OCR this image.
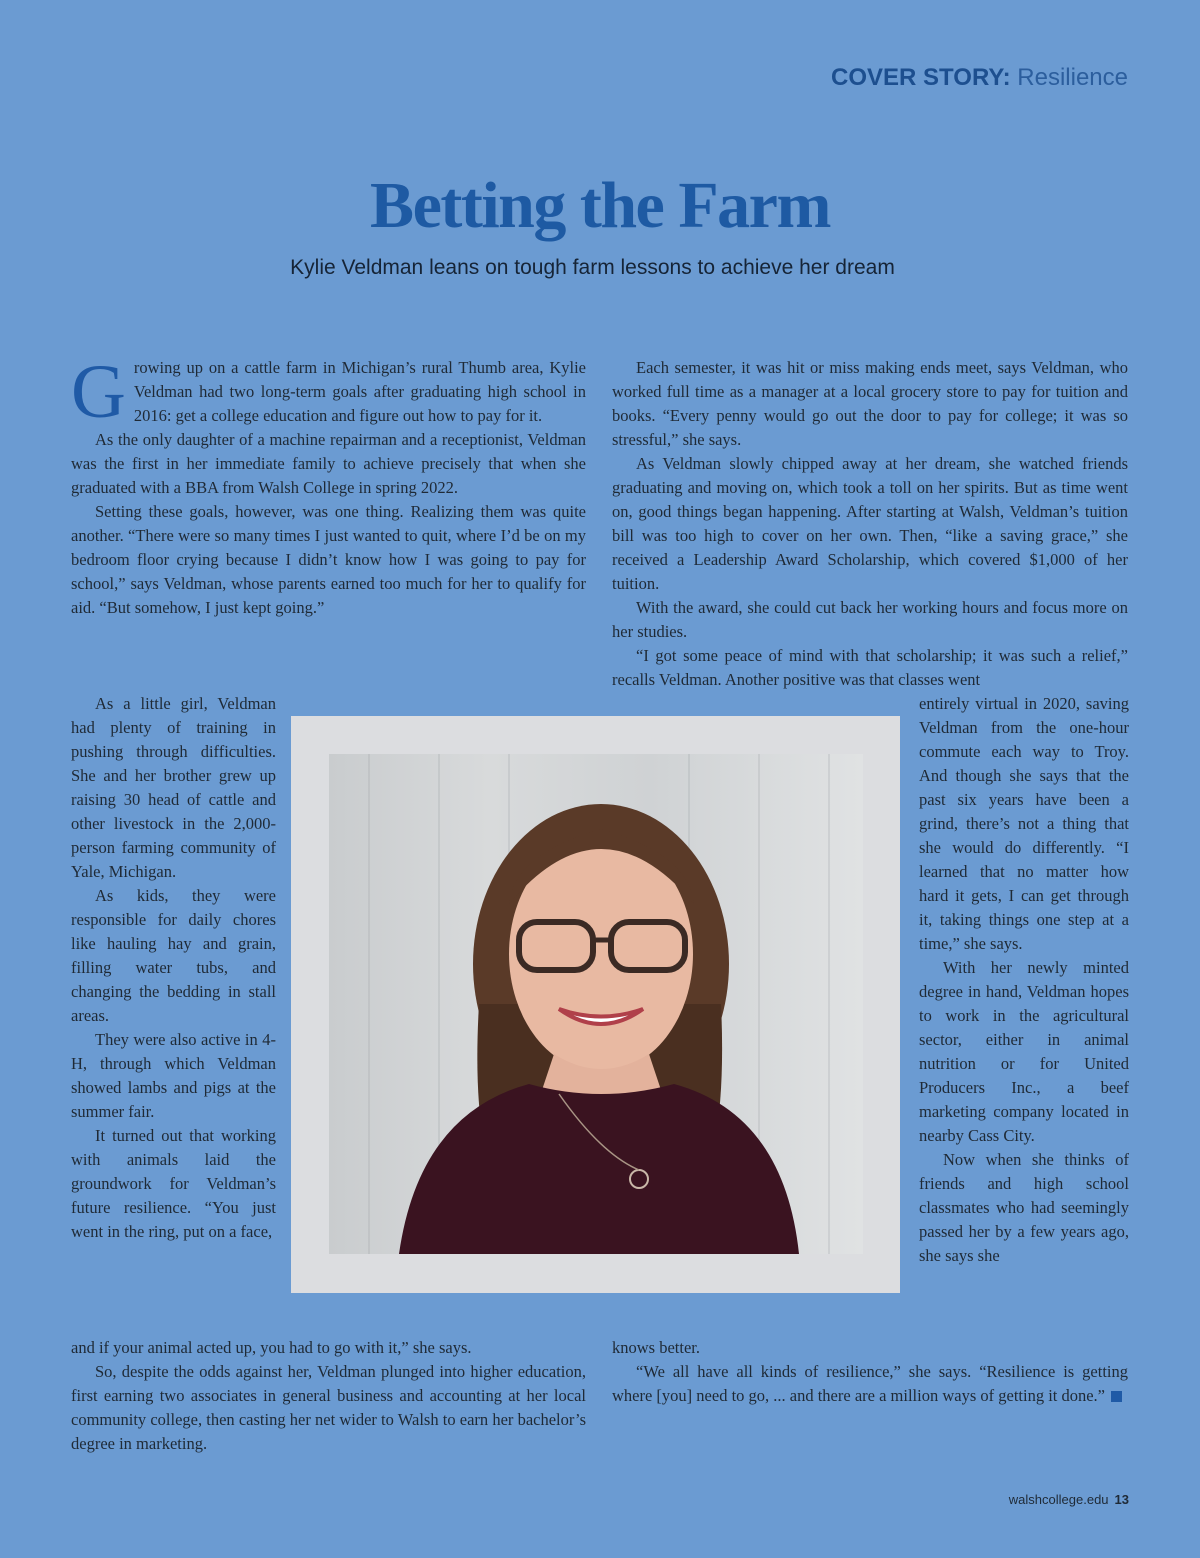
COVER STORY: Resilience
Betting the Farm
Kylie Veldman leans on tough farm lessons to achieve her dream

Growing up on a cattle farm in Michigan’s rural Thumb area, Kylie Veldman had two long-term goals after graduating high school in 2016: get a college education and figure out how to pay for it.

As the only daughter of a machine repairman and a receptionist, Veldman was the first in her immediate family to achieve precisely that when she graduated with a BBA from Walsh College in spring 2022.

Setting these goals, however, was one thing. Realizing them was quite another. “There were so many times I just wanted to quit, where I’d be on my bedroom floor crying because I didn’t know how I was going to pay for school,” says Veldman, whose parents earned too much for her to qualify for aid. “But somehow, I just kept going.”

As a little girl, Veldman had plenty of training in pushing through difficulties. She and her brother grew up raising 30 head of cattle and other livestock in the 2,000-person farming community of Yale, Michigan.

As kids, they were responsible for daily chores like hauling hay and grain, filling water tubs, and changing the bedding in stall areas.

They were also active in 4-H, through which Veldman showed lambs and pigs at the summer fair.

It turned out that working with animals laid the groundwork for Veldman’s future resilience. “You just went in the ring, put on a face,

and if your animal acted up, you had to go with it,” she says.

So, despite the odds against her, Veldman plunged into higher education, first earning two associates in general business and accounting at her local community college, then casting her net wider to Walsh to earn her bachelor’s degree in marketing.

Each semester, it was hit or miss making ends meet, says Veldman, who worked full time as a manager at a local grocery store to pay for tuition and books. “Every penny would go out the door to pay for college; it was so stressful,” she says.

As Veldman slowly chipped away at her dream, she watched friends graduating and moving on, which took a toll on her spirits. But as time went on, good things began happening. After starting at Walsh, Veldman’s tuition bill was too high to cover on her own. Then, “like a saving grace,” she received a Leadership Award Scholarship, which covered $1,000 of her tuition.

With the award, she could cut back her working hours and focus more on her studies.

“I got some peace of mind with that scholarship; it was such a relief,” recalls Veldman. Another positive was that classes went

entirely virtual in 2020, saving Veldman from the one-hour commute each way to Troy. And though she says that the past six years have been a grind, there’s not a thing that she would do differently. “I learned that no matter how hard it gets, I can get through it, taking things one step at a time,” she says.

With her newly minted degree in hand, Veldman hopes to work in the agricultural sector, either in animal nutrition or for United Producers Inc., a beef marketing company located in nearby Cass City.

Now when she thinks of friends and high school classmates who had seemingly passed her by a few years ago, she says she

knows better.

“We all have all kinds of resilience,” she says. “Resilience is getting where [you] need to go, ... and there are a million ways of getting it done.”

walshcollege.edu 13
